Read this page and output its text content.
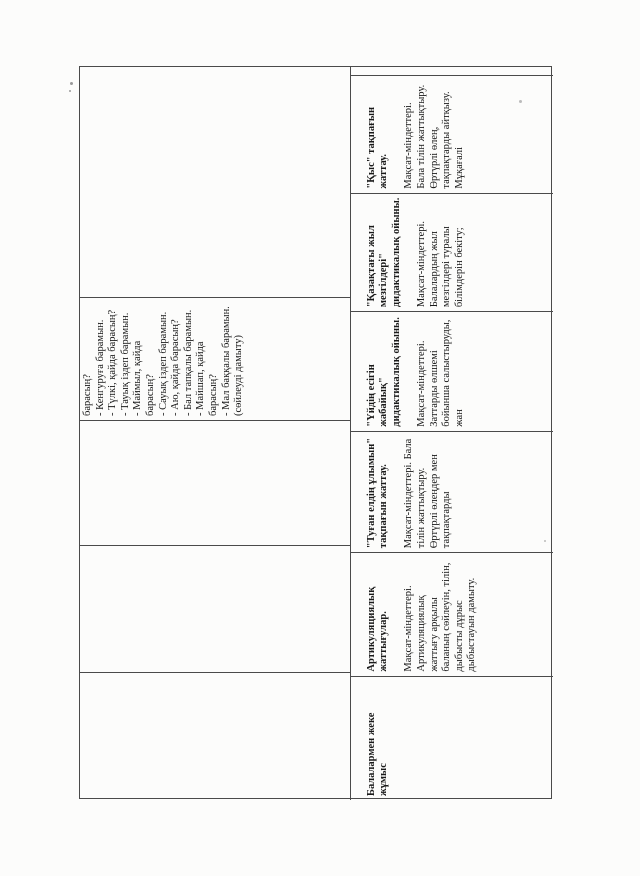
барасың?
- Кенгуруға барамын.
- Түлкі, қайда барасың?
- Тауық іздеп барамын.
- Маймыл, қайда барасың?
- Сауық іздеп барамын.
- Аю, қайда барасың?
- Бал тапқалы барамын.
- Майшап, қайда барасың?
- Мал баққалы барамын. (сөйлеуді дамыту)

Балалармен жеке жұмыс

Артикуляциялық жаттығулар. Мақсат-міндеттері. Артикуляциялық жаттығу арқылы баланың сөйлеуін, тілін, дыбысты дұрыс дыбыстауын дамыту.

"Туған елдің ұлымын" тақпағын жаттау. Мақсат-міндеттері. Бала тілін жаттықтыру. Өртүрлі өлеңдер мен тақпақтарды

"Үйдің есігін жабайық" дидактикалық ойыны. Мақсат-міндеттері. Заттарды өлшемі бойынша салыстыруды, жан

"Қазақтағы жыл мезгілдері" дидактикалық ойыны. Мақсат-міндеттері. Балалардың жыл мезгілдері туралы білімдерін бекіту;

"Қыс" тақпағын жаттау. Мақсат-міндеттері. Бала тілін жаттықтыру. Өртүрлі өлең, тақпақтарды айтқызу. Мұқағалі
